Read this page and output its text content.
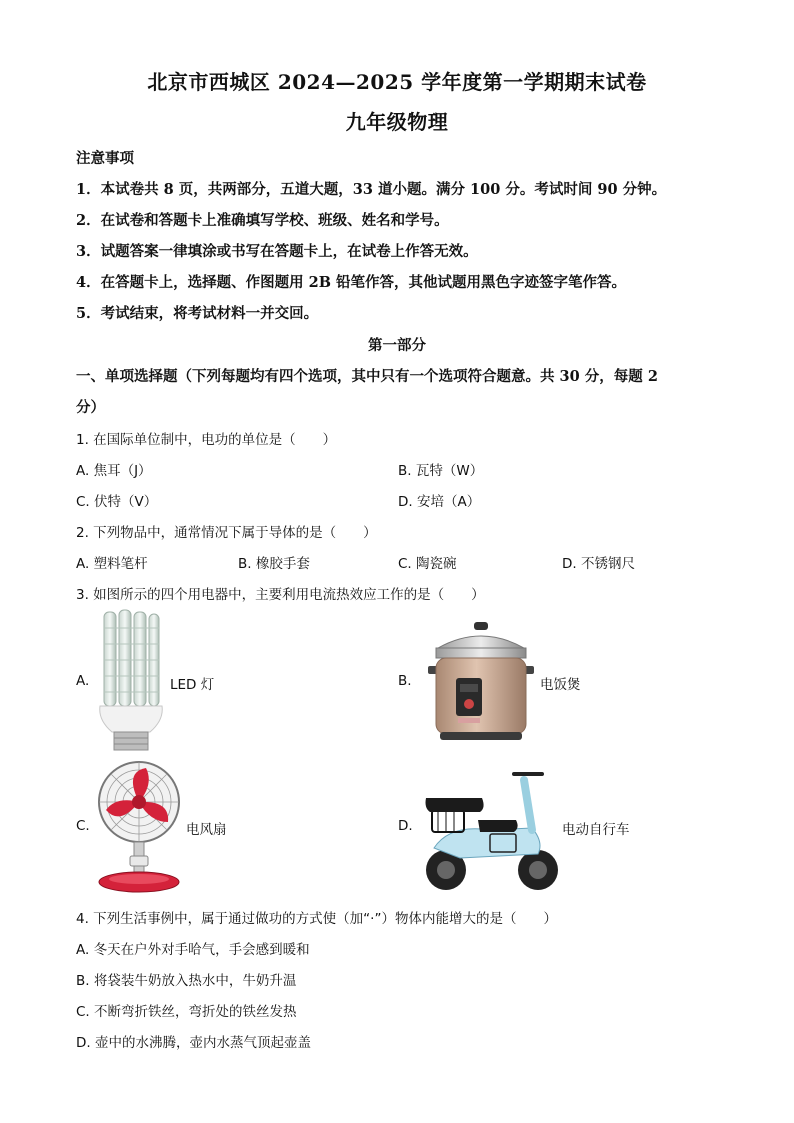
北京市西城区 2024—2025 学年度第一学期期末试卷
九年级物理
注意事项
1．本试卷共 8 页，共两部分，五道大题，33 道小题。满分 100 分。考试时间 90 分钟。
2．在试卷和答题卡上准确填写学校、班级、姓名和学号。
3．试题答案一律填涂或书写在答题卡上，在试卷上作答无效。
4．在答题卡上，选择题、作图题用 2B 铅笔作答，其他试题用黑色字迹签字笔作答。
5．考试结束，将考试材料一并交回。
第一部分
一、单项选择题（下列每题均有四个选项，其中只有一个选项符合题意。共 30 分，每题 2
分）
1. 在国际单位制中，电功的单位是（　　）
A. 焦耳（J）	B. 瓦特（W）
C. 伏特（V）	D. 安培（A）
2. 下列物品中，通常情况下属于导体的是（　　）
A. 塑料笔杆	B. 橡胶手套	C. 陶瓷碗	D. 不锈钢尺
3. 如图所示的四个用电器中，主要利用电流热效应工作的是（　　）
A.	LED 灯	B.	电饭煲
C.	电风扇	D.	电动自行车
4. 下列生活事例中，属于通过做功的方式使（加“·”）物体内能增大的是（　　）
A. 冬天在户外对手哈气，手会感到暖和
B. 将袋装牛奶放入热水中，牛奶升温
C. 不断弯折铁丝，弯折处的铁丝发热
D. 壶中的水沸腾，壶内水蒸气顶起壶盖
